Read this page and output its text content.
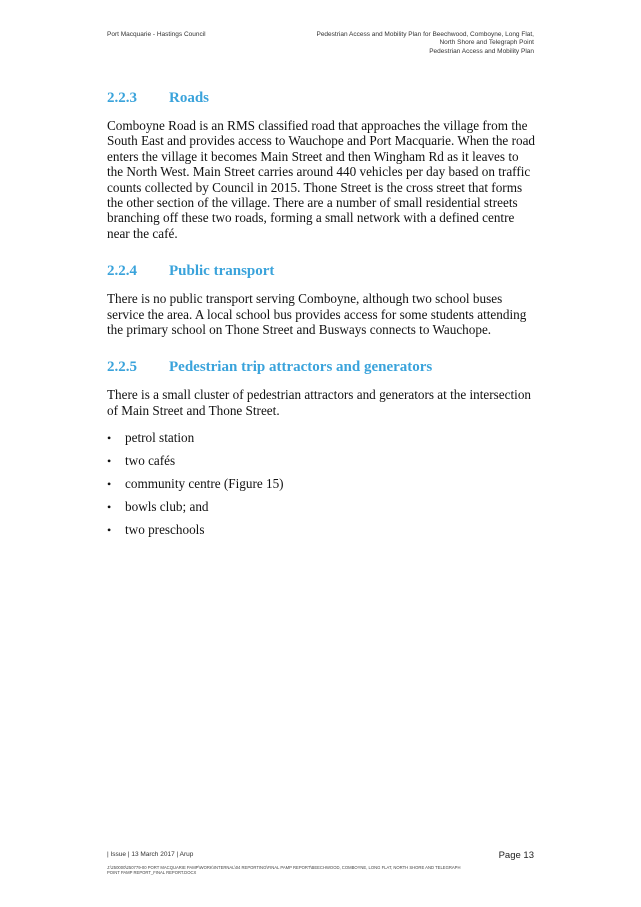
Port Macquarie - Hastings Council	Pedestrian Access and Mobility Plan for Beechwood, Comboyne, Long Flat,
North Shore and Telegraph Point
Pedestrian Access and Mobility Plan
2.2.3	Roads

Comboyne Road is an RMS classified road that approaches the village from the South East and provides access to Wauchope and Port Macquarie. When the road enters the village it becomes Main Street and then Wingham Rd as it leaves to the North West. Main Street carries around 440 vehicles per day based on traffic counts collected by Council in 2015. Thone Street is the cross street that forms the other section of the village. There are a number of small residential streets branching off these two roads, forming a small network with a defined centre near the café.

2.2.4	Public transport

There is no public transport serving Comboyne, although two school buses service the area. A local school bus provides access for some students attending the primary school on Thone Street and Busways connects to Wauchope.

2.2.5	Pedestrian trip attractors and generators

There is a small cluster of pedestrian attractors and generators at the intersection of Main Street and Thone Street.

•	petrol station
•	two cafés
•	community centre (Figure 15)
•	bowls club; and
•	two preschools
| Issue | 13 March 2017 | Arup
J:\250000\250779-00 PORT MACQUARIE PAMP\WORK\INTERNAL\04 REPORTING\FINAL PAMP REPORT\BEECHWOOD, COMBOYNE, LONG FLAT, NORTH SHORE AND TELEGRAPH POINT PAMP REPORT_FINAL REPORT.DOCX
Page 13
